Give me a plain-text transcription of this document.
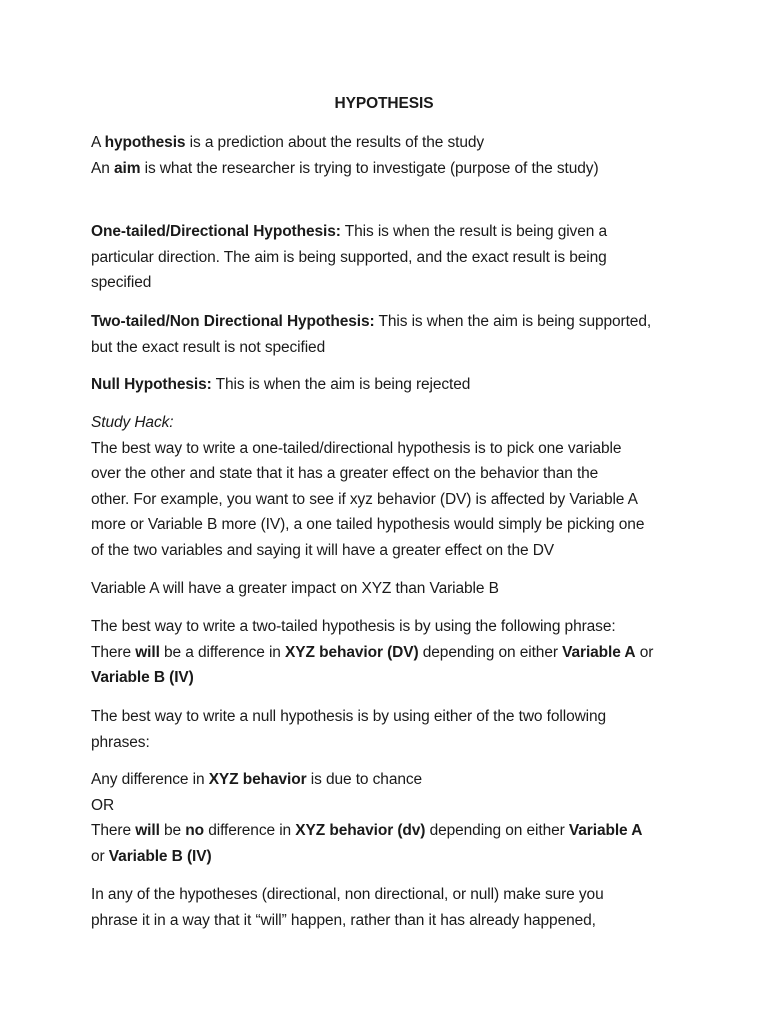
HYPOTHESIS
A hypothesis is a prediction about the results of the study
An aim is what the researcher is trying to investigate (purpose of the study)
One-tailed/Directional Hypothesis: This is when the result is being given a
particular direction. The aim is being supported, and the exact result is being
specified
Two-tailed/Non Directional Hypothesis: This is when the aim is being supported,
but the exact result is not specified
Null Hypothesis: This is when the aim is being rejected
Study Hack:
The best way to write a one-tailed/directional hypothesis is to pick one variable
over the other and state that it has a greater effect on the behavior than the
other. For example, you want to see if xyz behavior (DV) is affected by Variable A
more or Variable B more (IV), a one tailed hypothesis would simply be picking one
of the two variables and saying it will have a greater effect on the DV
Variable A will have a greater impact on XYZ than Variable B
The best way to write a two-tailed hypothesis is by using the following phrase:
There will be a difference in XYZ behavior (DV) depending on either Variable A or
Variable B (IV)
The best way to write a null hypothesis is by using either of the two following
phrases:
Any difference in XYZ behavior is due to chance
OR
There will be no difference in XYZ behavior (dv) depending on either Variable A
or Variable B (IV)
In any of the hypotheses (directional, non directional, or null) make sure you
phrase it in a way that it “will” happen, rather than it has already happened,
